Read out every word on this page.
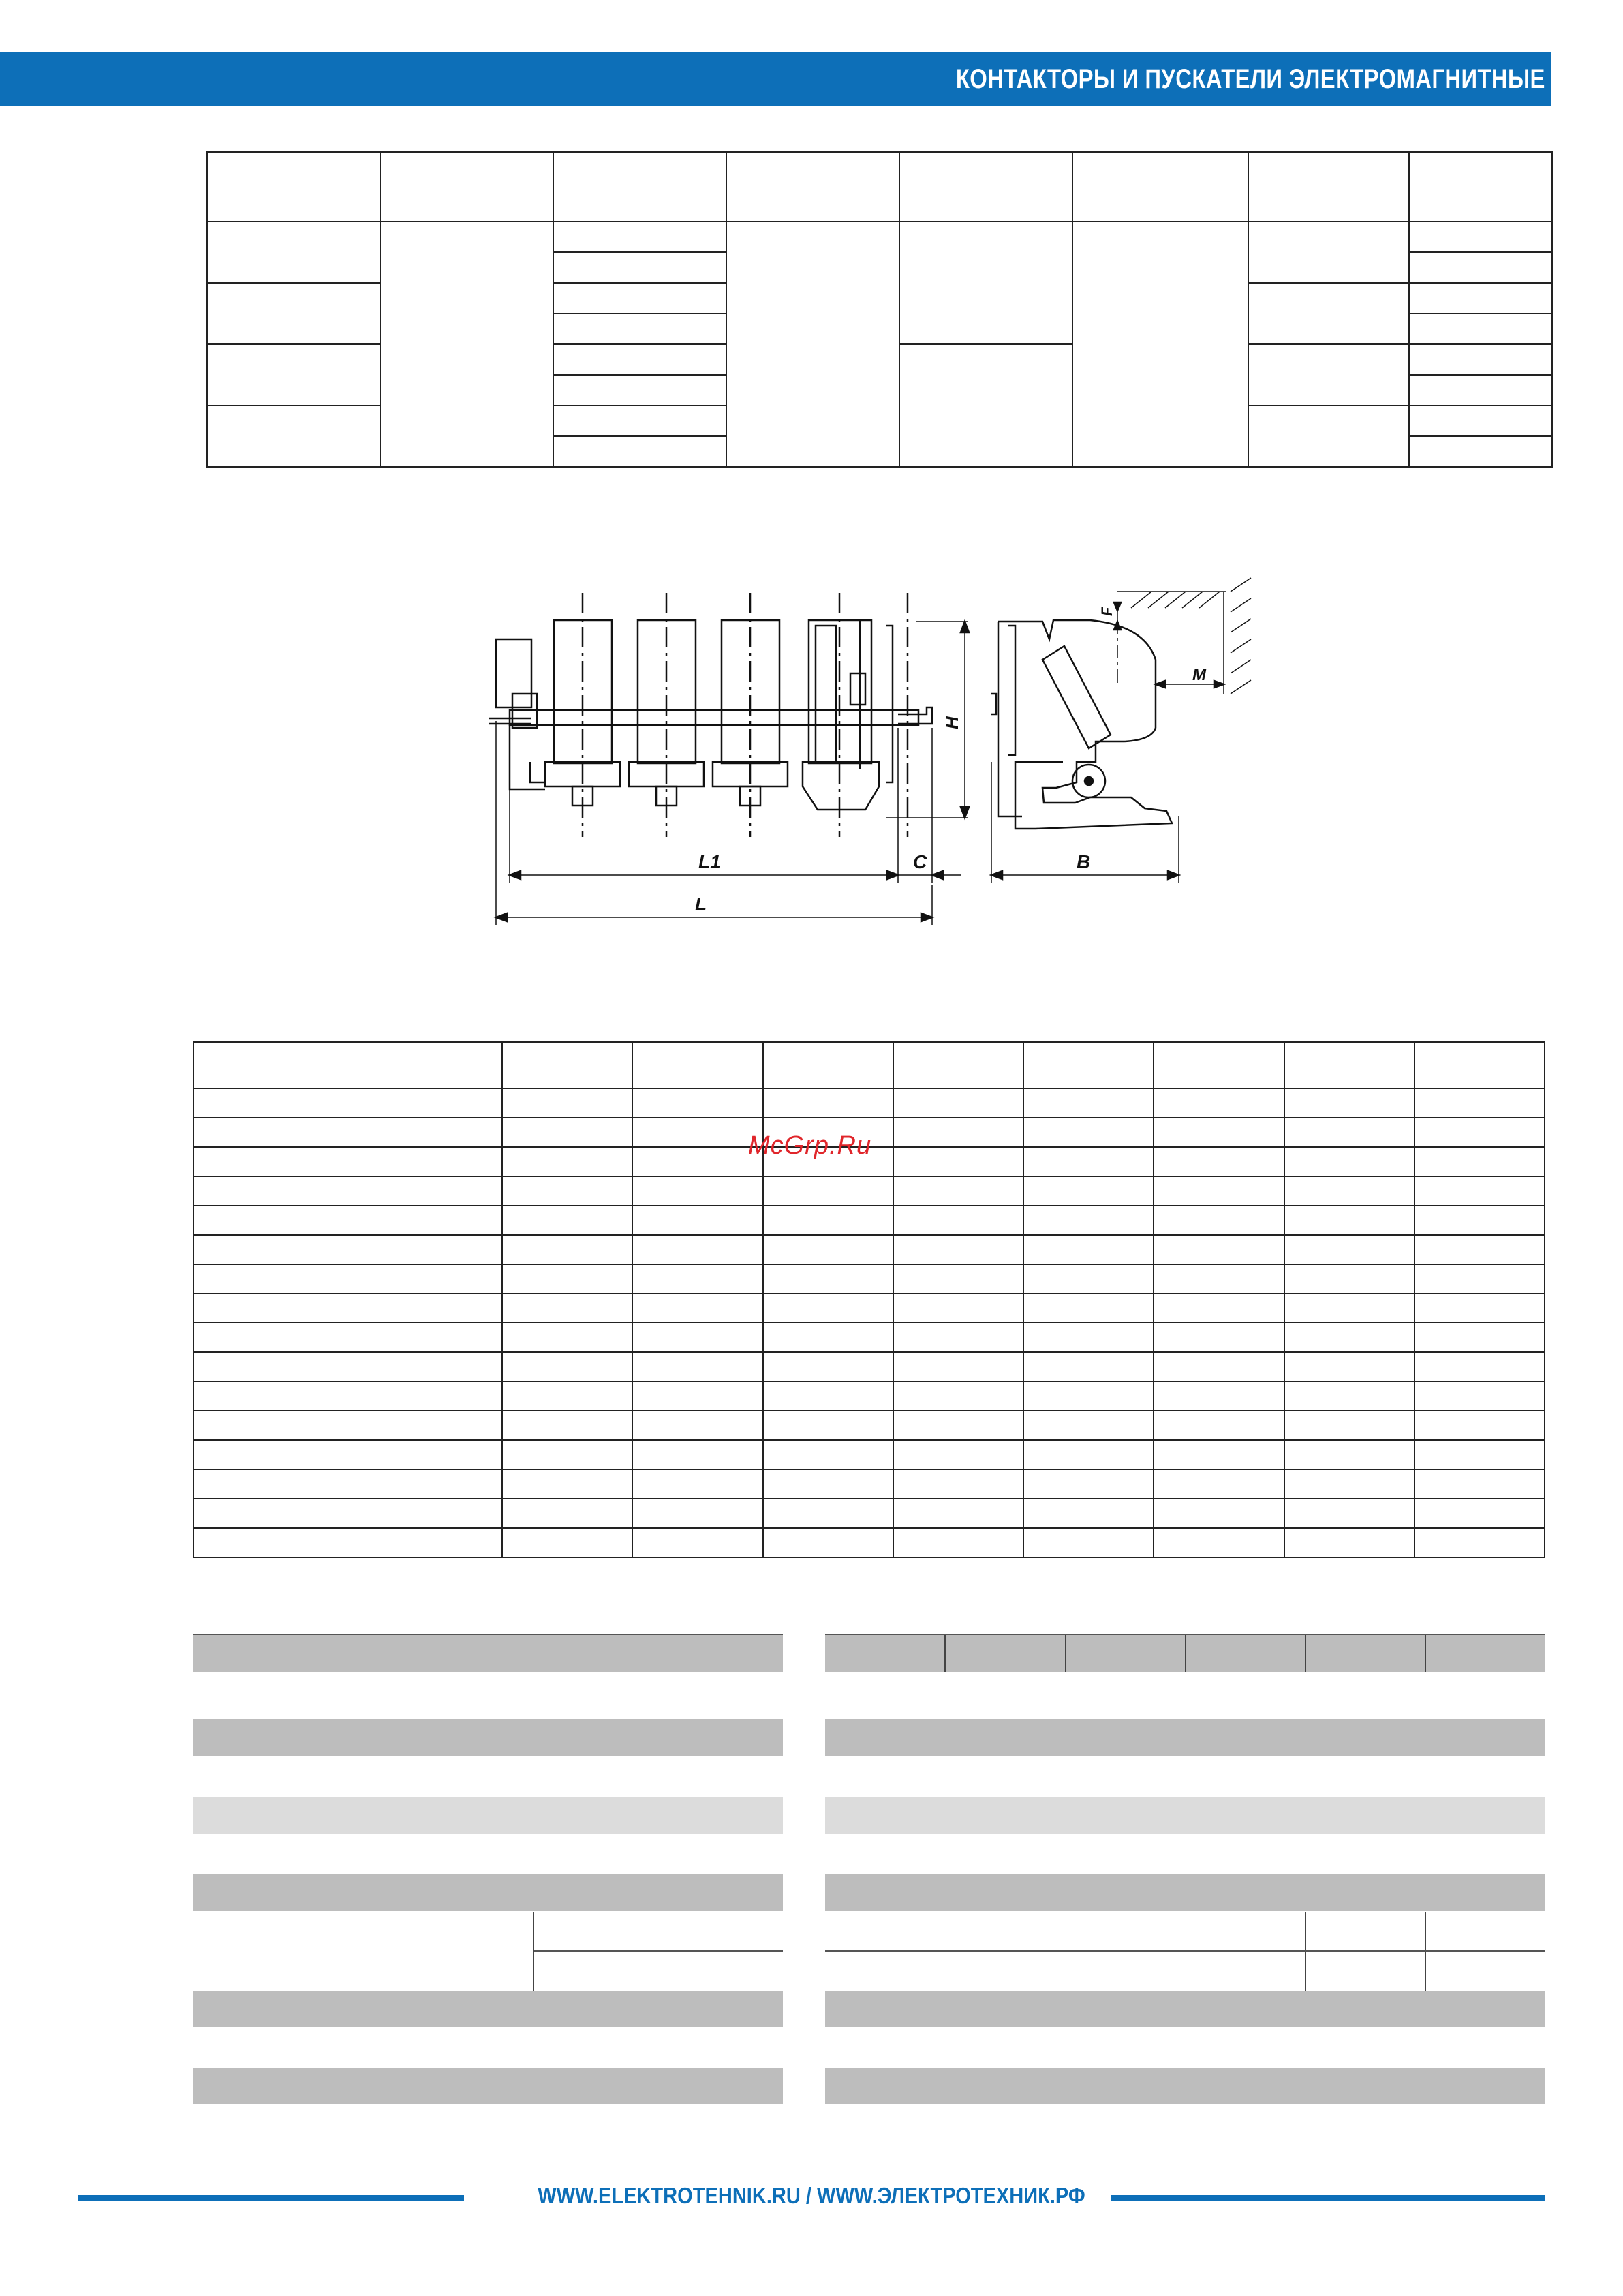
КОНТАКТОРЫ И ПУСКАТЕЛИ ЭЛЕКТРОМАГНИТНЫЕ

H
L1	C
L
F
M
B

McGrp.Ru
WWW.ELEKTROTEHNIK.RU / WWW.ЭЛЕКТРОТЕХНИК.РФ
